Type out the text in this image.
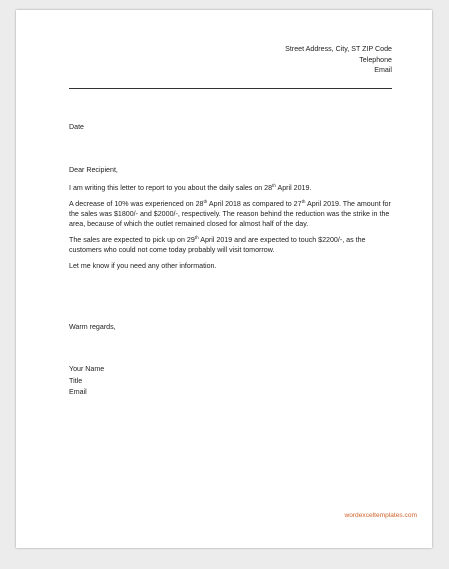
Street Address, City, ST ZIP Code
Telephone
Email
Date

Dear Recipient,

I am writing this letter to report to you about the daily sales on 28th April 2019.

A decrease of 10% was experienced on 28th April 2018 as compared to 27th April 2019. The amount for the sales was $1800/- and $2000/-, respectively. The reason behind the reduction was the strike in the area, because of which the outlet remained closed for almost half of the day.

The sales are expected to pick up on 29th April 2019 and are expected to touch $2200/-, as the customers who could not come today probably will visit tomorrow.

Let me know if you need any other information.

Warm regards,
Your Name
Title
Email
wordexceltemplates.com
